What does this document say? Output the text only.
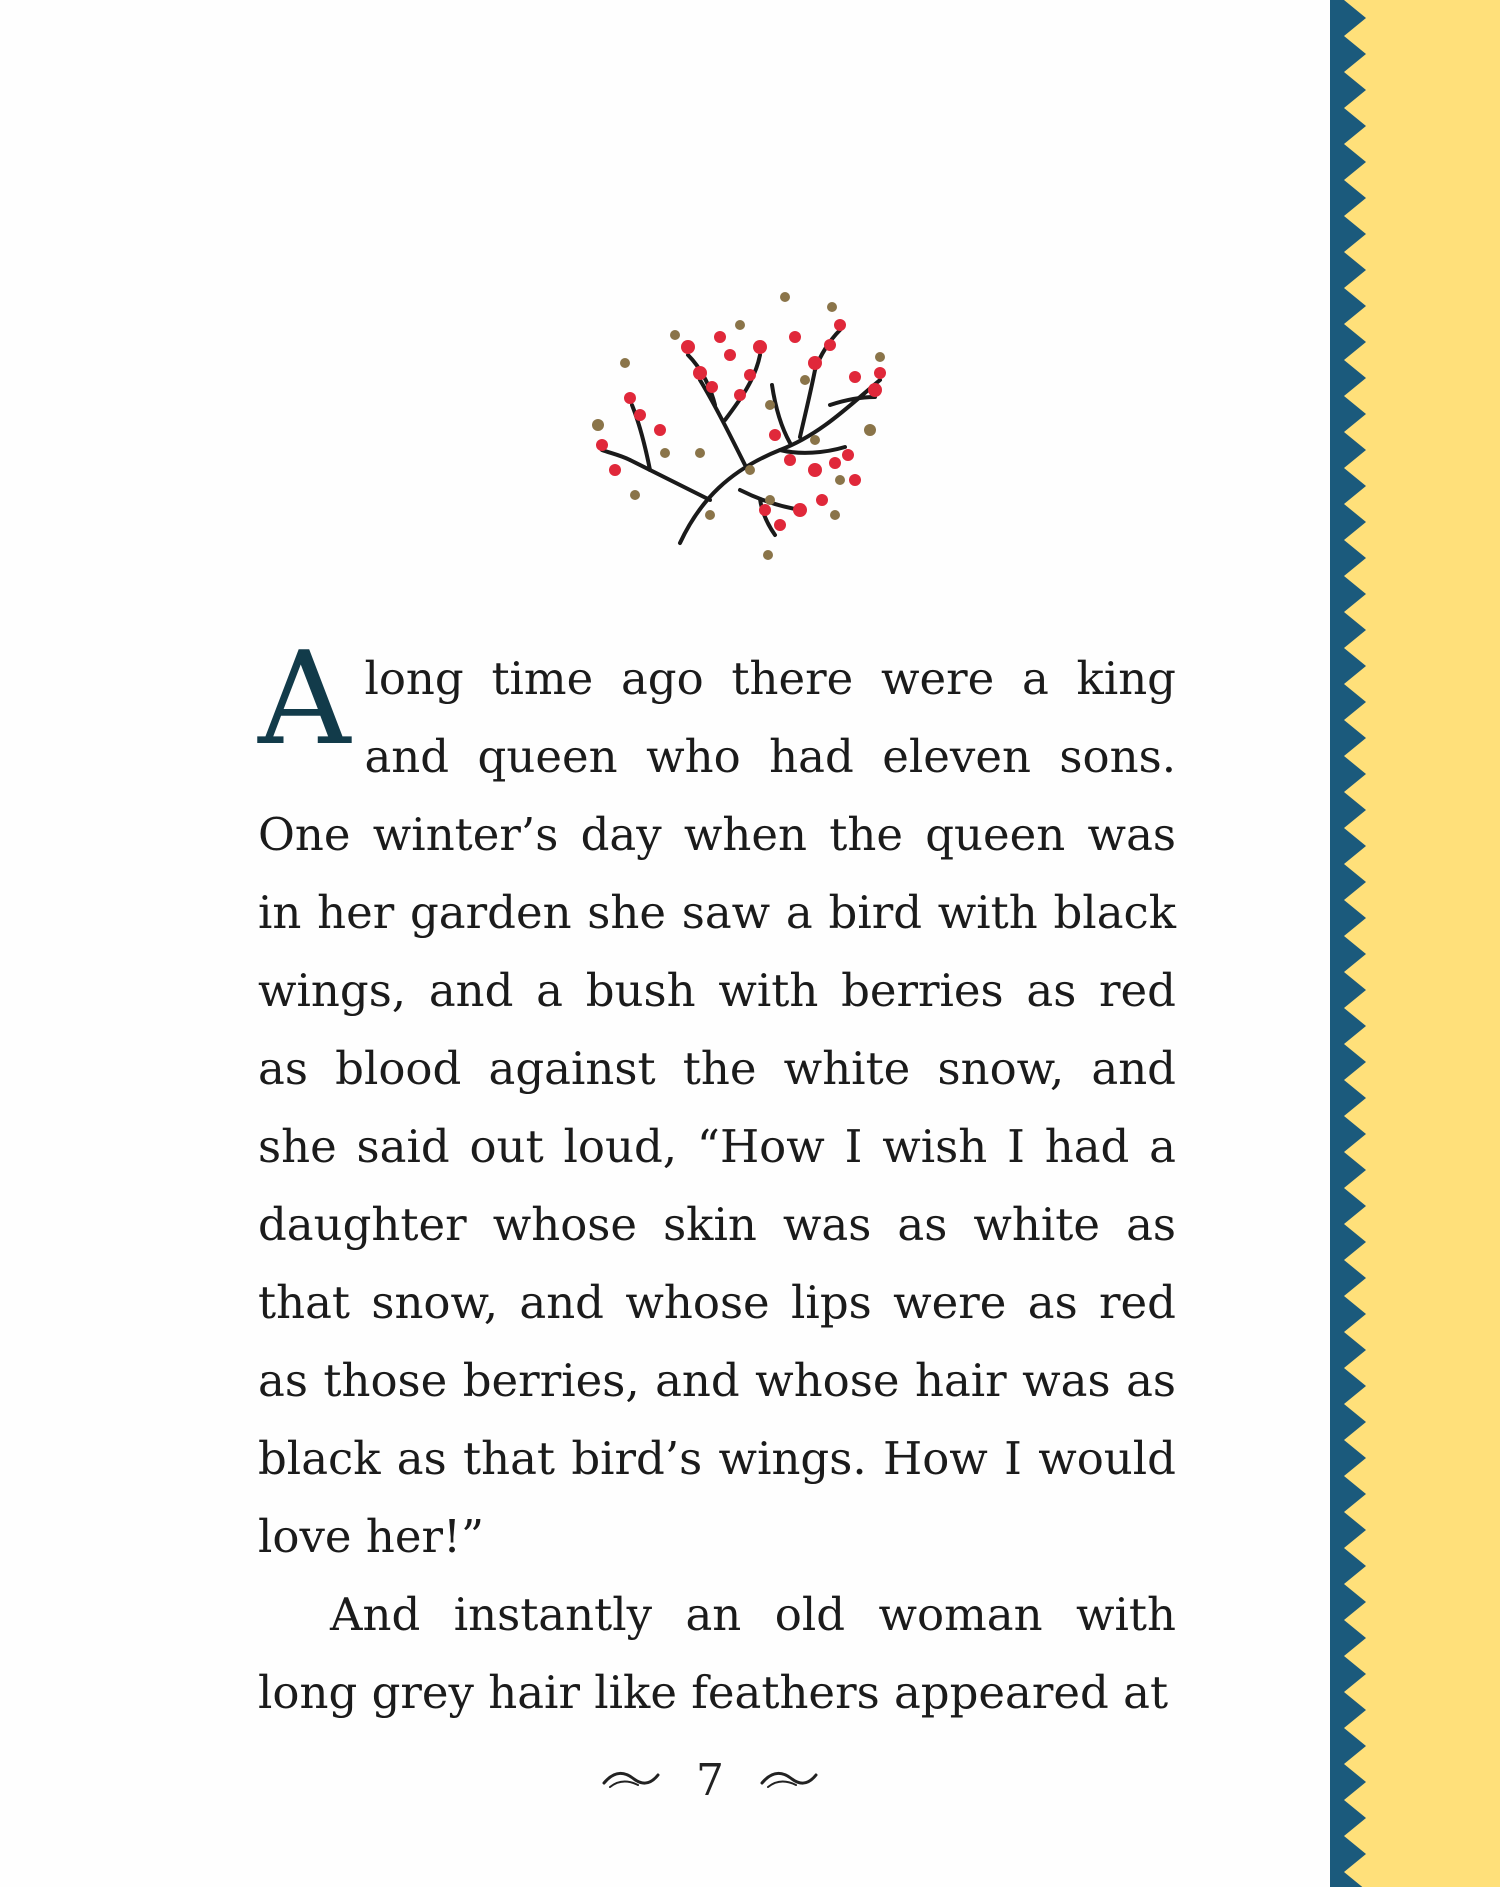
A long time ago there were a king and queen who had eleven sons. One winter’s day when the queen was in her garden she saw a bird with black wings, and a bush with berries as red as blood against the white snow, and she said out loud, “How I wish I had a daughter whose skin was as white as that snow, and whose lips were as red as those berries, and whose hair was as black as that bird’s wings. How I would love her!”

And instantly an old woman with long grey hair like feathers appeared at

7
